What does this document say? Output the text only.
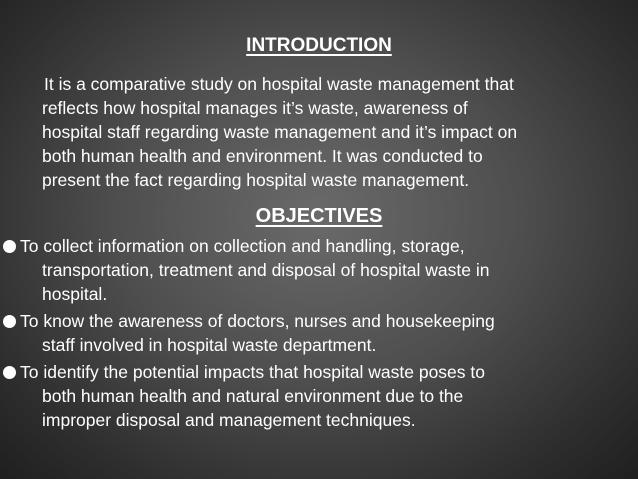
INTRODUCTION
It is a comparative study on hospital waste management that
reflects how hospital manages it’s waste, awareness of
hospital staff regarding waste management and it’s impact on
both human health and environment. It was conducted to
present the fact regarding hospital waste management.
OBJECTIVES
To collect information on collection and handling, storage,
transportation, treatment and disposal of hospital waste in
hospital.
To know the awareness of doctors, nurses and housekeeping
staff involved in hospital waste department.
To identify the potential impacts that hospital waste poses to
both human health and natural environment due to the
improper disposal and management techniques.
